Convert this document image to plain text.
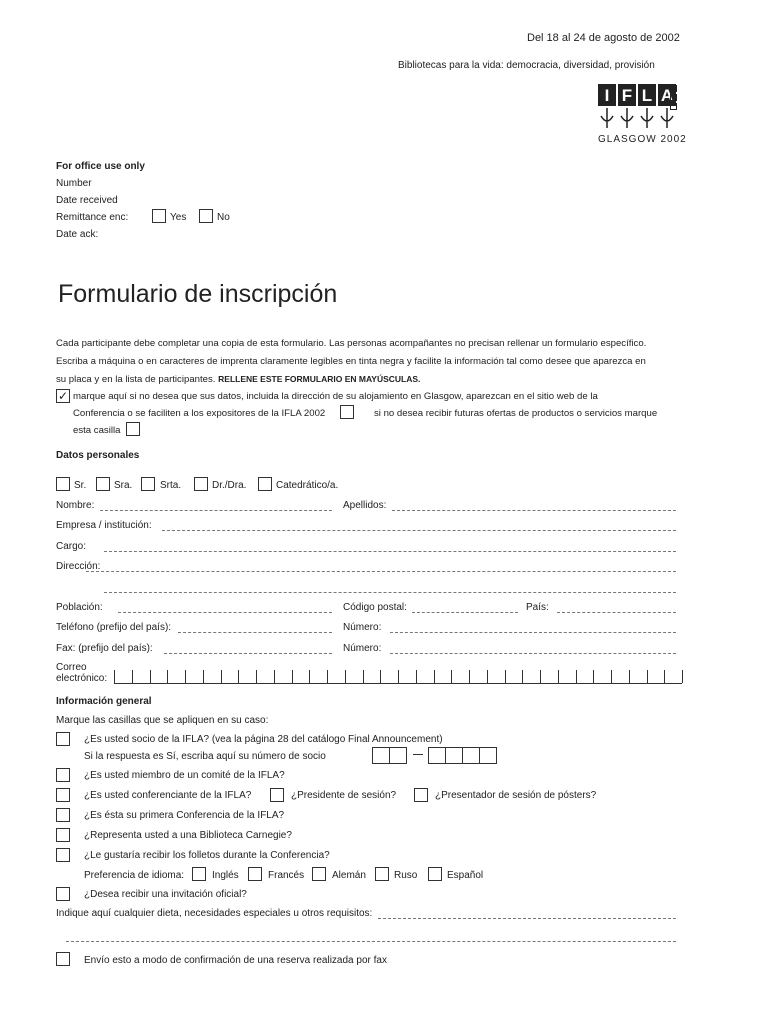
Del 18 al 24 de agosto de 2002
Bibliotecas para la vida: democracia, diversidad, provisión
I F L A
GLASGOW 2002
For office use only
Number
Date received
Remittance enc:	Yes	No
Date ack:
Formulario de inscripción
Cada participante debe completar una copia de esta formulario. Las personas acompañantes no precisan rellenar un formulario específico.
Escriba a máquina o en caracteres de imprenta claramente legibles en tinta negra y facilite la información tal como desee que aparezca en
su placa y en la lista de participantes. RELLENE ESTE FORMULARIO EN MAYÚSCULAS.
✓ marque aquí si no desea que sus datos, incluida la dirección de su alojamiento en Glasgow, aparezcan en el sitio web de la
Conferencia o se faciliten a los expositores de la IFLA 2002	si no desea recibir futuras ofertas de productos o servicios marque
esta casilla
Datos personales
Sr.	Sra.	Srta.	Dr./Dra.	Catedrático/a.
Nombre:	Apellidos:
Empresa / institución:
Cargo:
Dirección:
Población:	Código postal:	País:
Teléfono (prefijo del país):	Número:
Fax: (prefijo del país):	Número:
Correo
electrónico:
Información general
Marque las casillas que se apliquen en su caso:
¿Es usted socio de la IFLA? (vea la página 28 del catálogo Final Announcement)
Si la respuesta es Sí, escriba aquí su número de socio
¿Es usted miembro de un comité de la IFLA?
¿Es usted conferenciante de la IFLA?	¿Presidente de sesión?	¿Presentador de sesión de pósters?
¿Es ésta su primera Conferencia de la IFLA?
¿Representa usted a una Biblioteca Carnegie?
¿Le gustaría recibir los folletos durante la Conferencia?
Preferencia de idioma:	Inglés	Francés	Alemán	Ruso	Español
¿Desea recibir una invitación oficial?
Indique aquí cualquier dieta, necesidades especiales u otros requisitos:
Envío esto a modo de confirmación de una reserva realizada por fax
